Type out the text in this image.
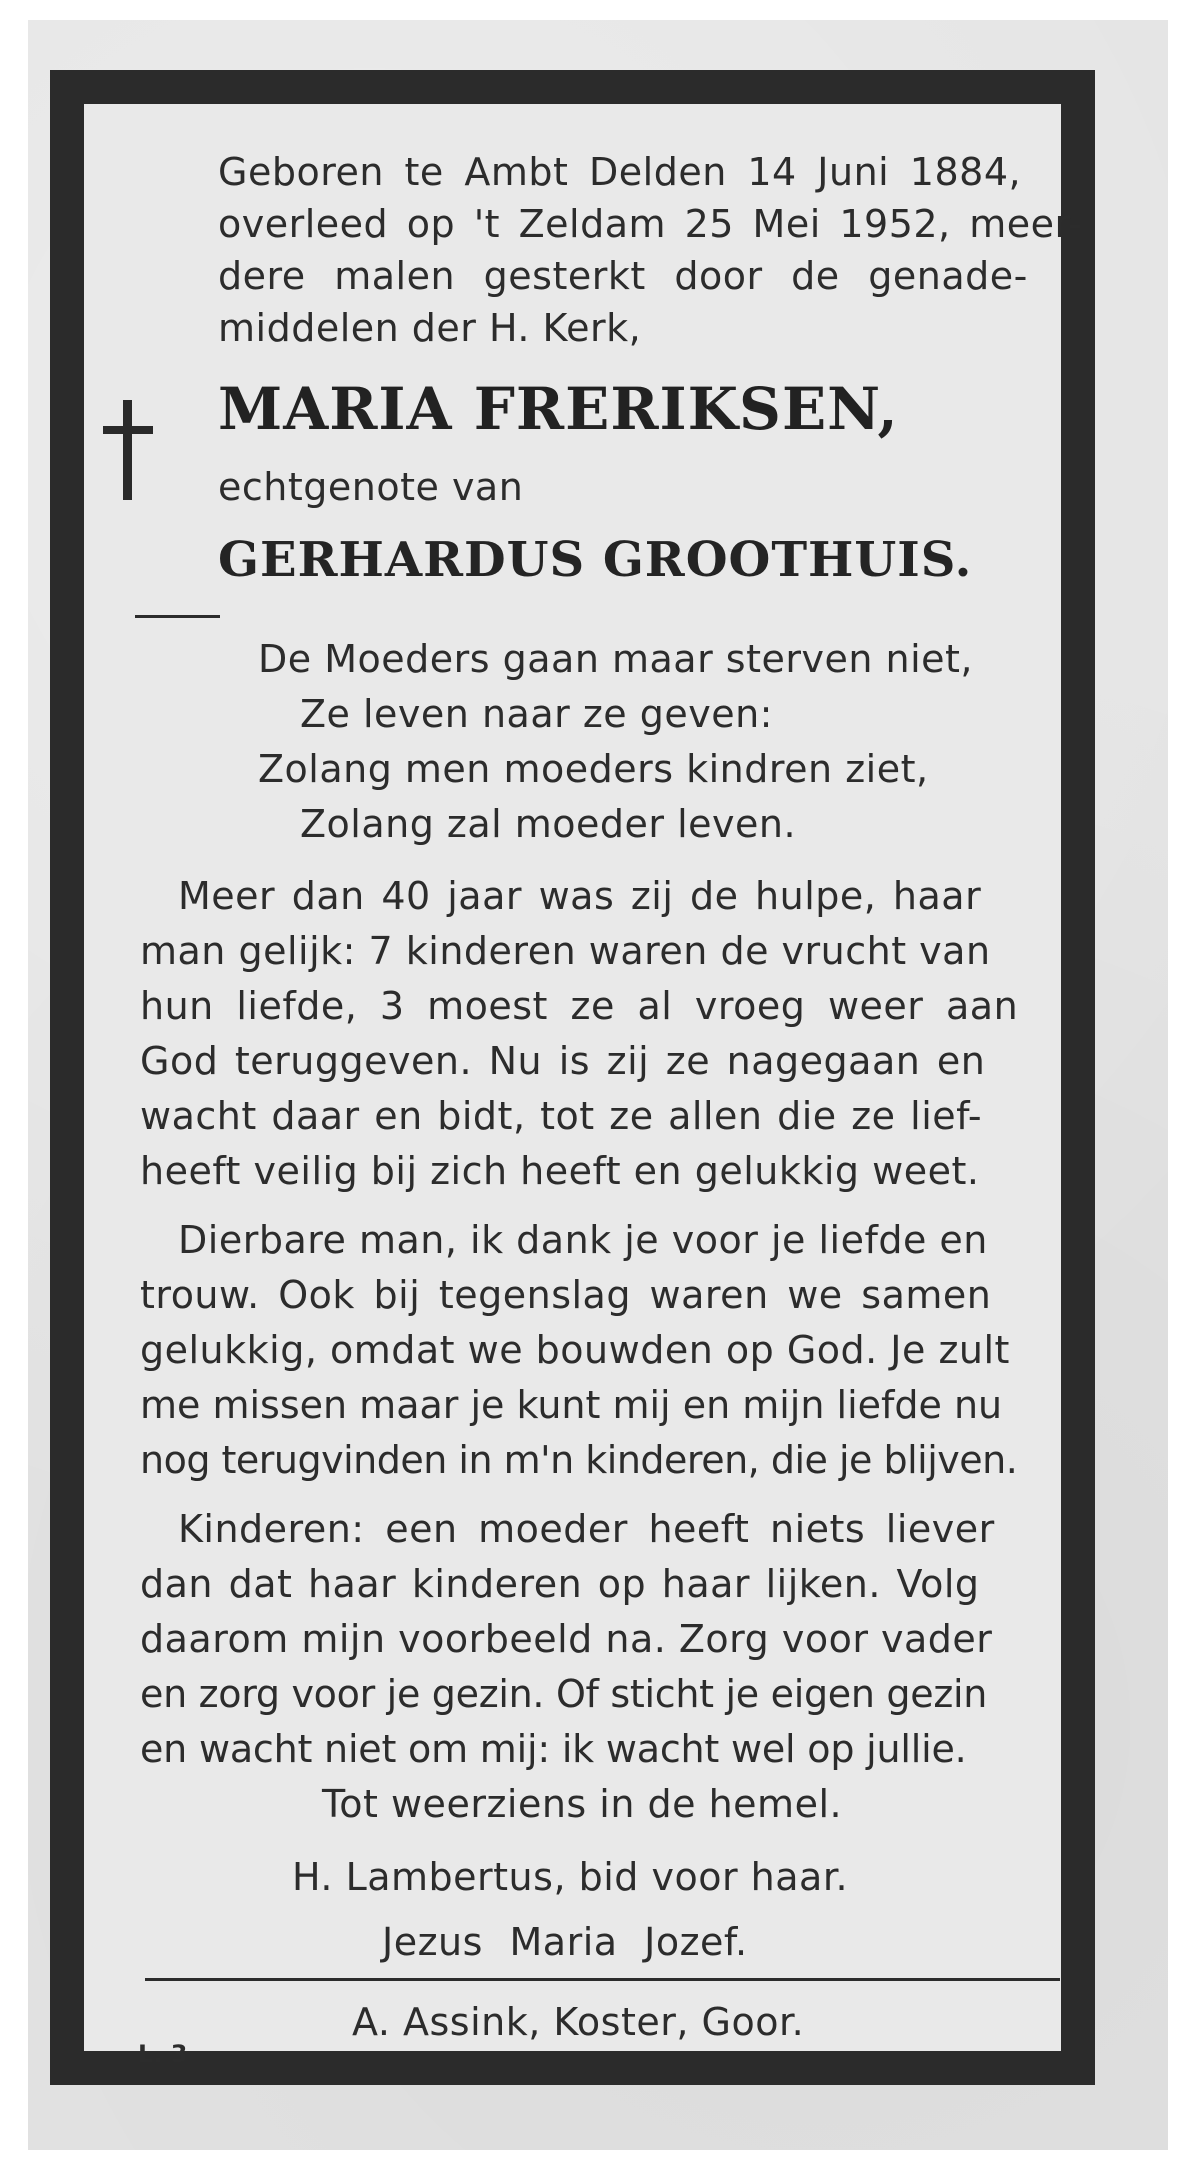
Geboren te Ambt Delden 14 Juni 1884,
overleed op 't Zeldam 25 Mei 1952, meer-
dere malen gesterkt door de genade-
middelen der H. Kerk,
MARIA FRERIKSEN,
echtgenote van
GERHARDUS GROOTHUIS.
De Moeders gaan maar sterven niet,
Ze leven naar ze geven:
Zolang men moeders kindren ziet,
Zolang zal moeder leven.
Meer dan 40 jaar was zij de hulpe, haar
man gelijk: 7 kinderen waren de vrucht van
hun liefde, 3 moest ze al vroeg weer aan
God teruggeven. Nu is zij ze nagegaan en
wacht daar en bidt, tot ze allen die ze lief-
heeft veilig bij zich heeft en gelukkig weet.
Dierbare man, ik dank je voor je liefde en
trouw. Ook bij tegenslag waren we samen
gelukkig, omdat we bouwden op God. Je zult
me missen maar je kunt mij en mijn liefde nu
nog terugvinden in m'n kinderen, die je blijven.
Kinderen: een moeder heeft niets liever
dan dat haar kinderen op haar lijken. Volg
daarom mijn voorbeeld na. Zorg voor vader
en zorg voor je gezin. Of sticht je eigen gezin
en wacht niet om mij: ik wacht wel op jullie.
Tot weerziens in de hemel.
H. Lambertus, bid voor haar.
Jezus Maria Jozef.
L. 3
A. Assink, Koster, Goor.
